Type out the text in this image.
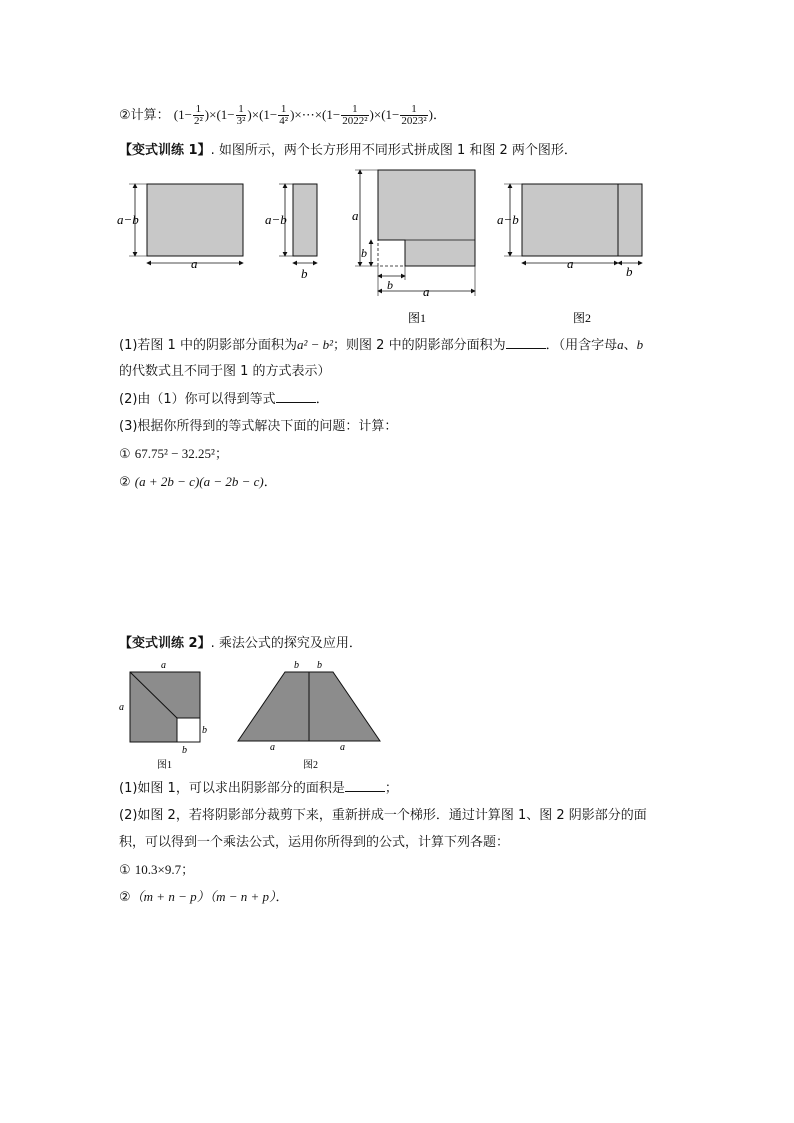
②计算： $(1- \frac{1}{\text{2²}} )\times(1- \frac{1}{\text{3²}} )\times(1- \frac{1}{\text{4²}}$ )×⋯×(1− $\frac{1}{\text{2022²}} )\times(1- \frac{1}{\text{2023²}}$ )．
【变式训练 1】. 如图所示，两个长方形用不同形式拼成图 1 和图 2 两个图形．
a−b
a
a−b
b
a
b
b a
图1
a−b
a
b
图2
(1)若图 1 中的阴影部分面积为a² − b²；则图 2 中的阴影部分面积为	．（用含字母a、b
的代数式且不同于图 1 的方式表示）
(2)由（1）你可以得到等式	．
(3)根据你所得到的等式解决下面的问题：计算：
① 67.75² − 32.25²；
② (a + 2b − c)(a − 2b − c)．
【变式训练 2】. 乘法公式的探究及应用．
a
a
b
b
图1
b b
a	a
图2
(1)如图 1，可以求出阴影部分的面积是	；
(2)如图 2，若将阴影部分裁剪下来，重新拼成一个梯形．通过计算图 1、图 2 阴影部分的面
积，可以得到一个乘法公式，运用你所得到的公式，计算下列各题：
① 10.3×9.7；
②（m + n − p）（m − n + p）．
